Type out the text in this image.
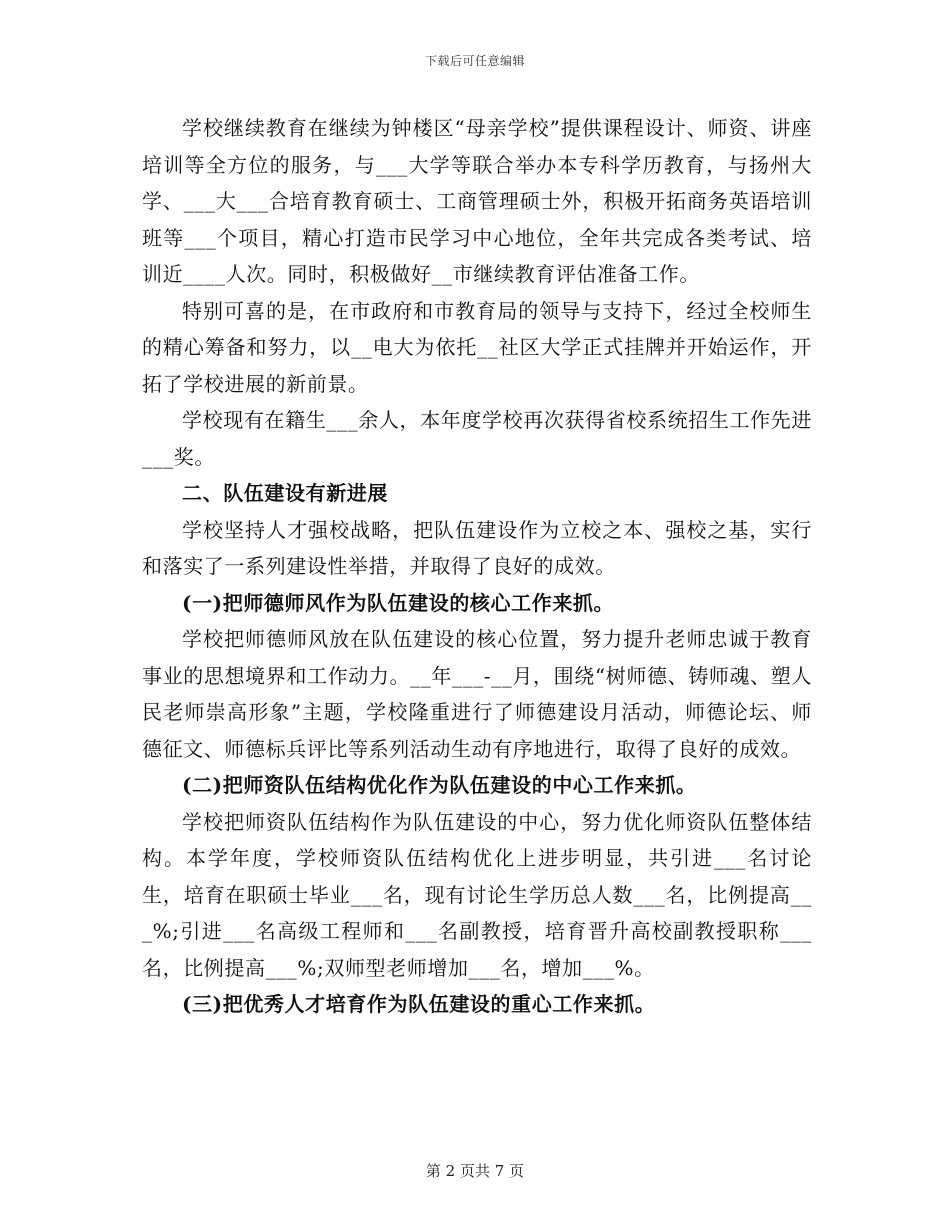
下载后可任意编辑

学校继续教育在继续为钟楼区“母亲学校”提供课程设计、师资、讲座培训等全方位的服务，与___大学等联合举办本专科学历教育，与扬州大学、___大___合培育教育硕士、工商管理硕士外，积极开拓商务英语培训班等___个项目，精心打造市民学习中心地位，全年共完成各类考试、培训近____人次。同时，积极做好__市继续教育评估准备工作。

特别可喜的是，在市政府和市教育局的领导与支持下，经过全校师生的精心筹备和努力，以__电大为依托__社区大学正式挂牌并开始运作，开拓了学校进展的新前景。

学校现有在籍生___余人，本年度学校再次获得省校系统招生工作先进___奖。

二、队伍建设有新进展

学校坚持人才强校战略，把队伍建设作为立校之本、强校之基，实行和落实了一系列建设性举措，并取得了良好的成效。

(一)把师德师风作为队伍建设的核心工作来抓。

学校把师德师风放在队伍建设的核心位置，努力提升老师忠诚于教育事业的思想境界和工作动力。__年___-__月，围绕“树师德、铸师魂、塑人民老师崇高形象”主题，学校隆重进行了师德建设月活动，师德论坛、师德征文、师德标兵评比等系列活动生动有序地进行，取得了良好的成效。

(二)把师资队伍结构优化作为队伍建设的中心工作来抓。

学校把师资队伍结构作为队伍建设的中心，努力优化师资队伍整体结构。本学年度，学校师资队伍结构优化上进步明显，共引进___名讨论生，培育在职硕士毕业___名，现有讨论生学历总人数___名，比例提高___%;引进___名高级工程师和___名副教授，培育晋升高校副教授职称___名，比例提高___%;双师型老师增加___名，增加___%。

(三)把优秀人才培育作为队伍建设的重心工作来抓。

第 2 页共 7 页
